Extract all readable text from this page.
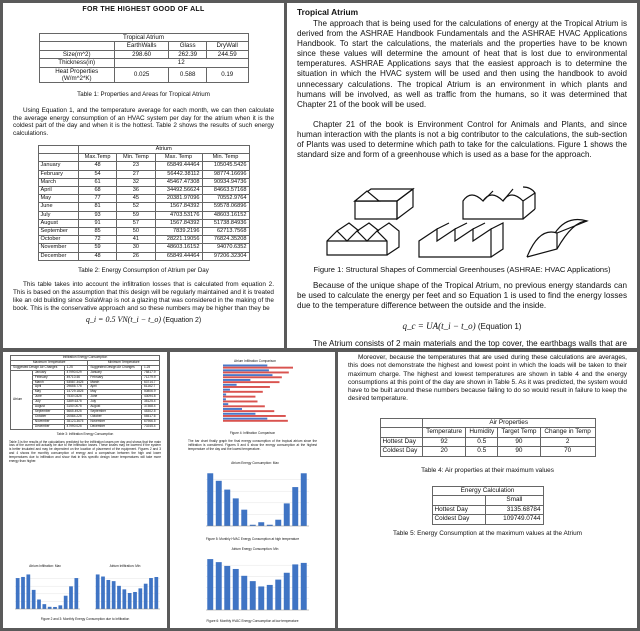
FOR THE HIGHEST GOOD OF ALL
Tropical Atrium			
	EarthWalls	Glass	DryWall
Size(m^2)	298.60	262.39	244.59
Thickness(in)	12		
Heat Properties
(W/m^2*K)	0.025	0.588	0.19
Table 1: Properties and Areas for Tropical Atrium

Using Equation 1, and the temperature average for each month, we can then calculate the average energy consumption of an HVAC system per day for the atrium when it is the coldest part of the day and when it is the hottest. Table 2 shows the results of such energy calculations.

	Atrium			
	Max.Temp	Min. Temp	Max. Temp	Min. Temp
January	48	23	65849.44464	105045.5426
February	54	27	56442.38112	98774.16696
March	61	32	45467.47308	90934.94736
April	68	36	34492.56624	84663.57168
May	77	45	20381.97096	70552.9764
June	81	52	1567.84392	59578.06896
July	93	59	4703.53176	48603.16152
August	91	57	1567.84392	51738.84936
September	85	50	7839.2196	62713.7568
October	72	41	28221.19056	76824.35208
November	59	30	48603.16152	94070.6352
December	48	26	65849.44464	97206.32304
Table 2: Energy Consumption of Atrium per Day

This table takes into account the infiltration losses that is calculated from equation 2. This is based on the assumption that this design will be regularly maintained and it is treated like an old building since SolaWrap is not a glazing that was considered in the making of the book. This is the conservative approach and so these numbers may be higher than they be

q_i = 0.5 VN(t_i − t_o) (Equation 2)
Tropical Atrium

The approach that is being used for the calculations of energy at the Tropical Atrium is derived from the ASHRAE Handbook Fundamentals and the ASHRAE HVAC Applications Handbook. To start the calculations, the materials and the properties have to be known since these values will determine the amount of heat that is lost due to environmental temperatures. ASHRAE Applications says that the easiest approach is to determine the situation in which the HVAC system will be used and then using the handbook to avoid unnecessary calculations. The tropical Atrium is an environment in which plants and humans will be involved, as well as traffic from the humans, so it was determined that Chapter 21 of the book will be used.

Chapter 21 of the book is Environment Control for Animals and Plants, and since human interaction with the plants is not a big contributor to the calculations, the sub-section of Plants was used to determine which path to take for the calculations. Figure 1 shows the standard size and form of a greenhouse which is used as a base for the approach.

Figure 1: Structural Shapes of Commercial Greenhouses (ASHRAE: HVAC Applications)

Because of the unique shape of the Tropical Atrium, no previous energy standards can be used to calculate the energy per feet and so Equation 1 is used to find the energy losses due to the temperature difference between the outside and the inside.

q_c = UA(t_i − t_o) (Equation 1)

The Atrium consists of 2 main materials and the top cover, the earthbags walls that are

Infiltration Energy Consumption				
Maximum Temperature			Minimum Temperature	
Suggested Design Air Changes		1.25	Suggested Design Air Changes	1.25
Atrium	January	47990.029	January	75817.9
	February	49710.46	February	71279.9
	March	53587.3425	March	63714.7
	April	29655.775	April	61162.7
	May	14729.1825	May	50806.9
	June	7530.0325	June	43094.8
	July	3389.6375	July	35125.4
	August	3150.0075	August	37368.4
	September	5665.4925	September	45302.5
	October	20584.225	October	55517.6
	November	35123.3675	November	67966.5
	December	47990.025	December	70245.4
Table 3: Infiltration Energy Consumption

Table 3 is the results of the calculations predicted for the infiltration losses per day and shows that the main loss of the current will actually be due to the infiltration losses. These losses may be lowered if the system is better insulated and may be dependent on the location of placement of the equipment. Figures 2 and 3 and 4 shows the monthly consumption of energy and a comparison between the high and lower temperatures due to infiltration and show that in this specific design lower temperatures will take more energy than higher.

Atrium Infiltration: Max	Atrium Infiltration: Min
Figure 2 and 3: Monthly Energy Consumption due to Infiltration
Atrium Infiltration Comparison
Figure 4: Infiltration Comparison

The bar chart finally graph the final energy consumption of the tropical atrium since the infiltration is considered. Figures 5 and 6 show the energy consumption at the highest temperature of the day and the lowest temperature.

Atrium Energy Consumption: Max
Figure 5: Monthly HVAC Energy Consumption at high temperature
Atrium Energy Consumption: Min
Figure 6: Monthly HVAC Energy Consumption at low temperature

Moreover, because the temperatures that are used during these calculations are averages, this does not demonstrate the highest and lowest point in which the loads will be taken to their maximum charge. The highest and lowest temperatures are shown in table 4 and the energy consumptions at this point of the day are shown in Table 5. As it was predicted, the system would have to be built around these numbers because failing to do so would result in failure to keep the desired temperature.

	Air Properties			
	Temperature	Humidity	Target Temp	Change in Temp
Hottest Day	92	0.5	90	2
Coldest Day	20	0.5	90	70
Table 4: Air properties at their maximum values
Energy Calculation	
	Small
Hottest Day	3135.68784
Coldest Day	109749.0744
Table 5: Energy Consumption at the maximum values at the Atrium
